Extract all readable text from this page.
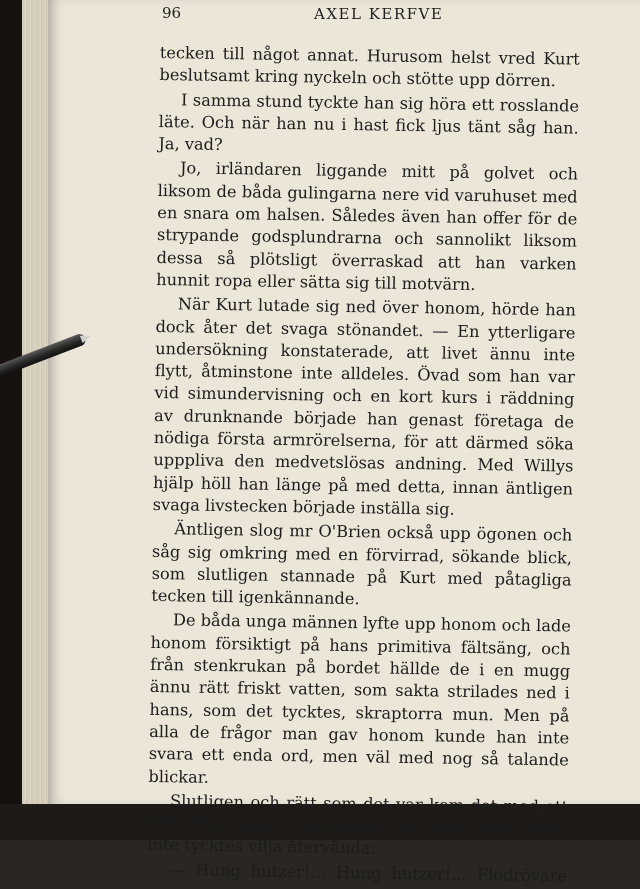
96	AXEL KERFVE

tecken till något annat. Hurusom helst vred Kurt beslutsamt kring nyckeln och stötte upp dörren.

I samma stund tyckte han sig höra ett rosslande läte. Och när han nu i hast fick ljus tänt såg han. Ja, vad?

Jo, irländaren liggande mitt på golvet och liksom de båda gulingarna nere vid varuhuset med en snara om halsen. Således även han offer för de strypande godsplundrarna och sannolikt liksom dessa så plötsligt överraskad att han varken hunnit ropa eller sätta sig till motvärn.

När Kurt lutade sig ned över honom, hörde han dock åter det svaga stönandet. — En ytterligare undersökning konstaterade, att livet ännu inte flytt, åtminstone inte alldeles. Övad som han var vid simundervisning och en kort kurs i räddning av drunknande började han genast företaga de nödiga första armrörelserna, för att därmed söka upppliva den medvetslösas andning. Med Willys hjälp höll han länge på med detta, innan äntligen svaga livstecken började inställa sig.

Äntligen slog mr O'Brien också upp ögonen och såg sig omkring med en förvirrad, sökande blick, som slutligen stannade på Kurt med påtagliga tecken till igenkännande.

De båda unga männen lyfte upp honom och lade honom försiktigt på hans primitiva fältsäng, och från stenkrukan på bordet hällde de i en mugg ännu rätt friskt vatten, som sakta strilades ned i hans, som det tycktes, skraptorra mun. Men på alla de frågor man gav honom kunde han inte svara ett enda ord, men väl med nog så talande blickar.

Slutligen och rätt som det var kom det med ett stön över hans bleka läppar, till vilka blodet ännu inte tycktes vilja återvända:

— Hung hutzer!... Hung hutzer!... Flodrövare
